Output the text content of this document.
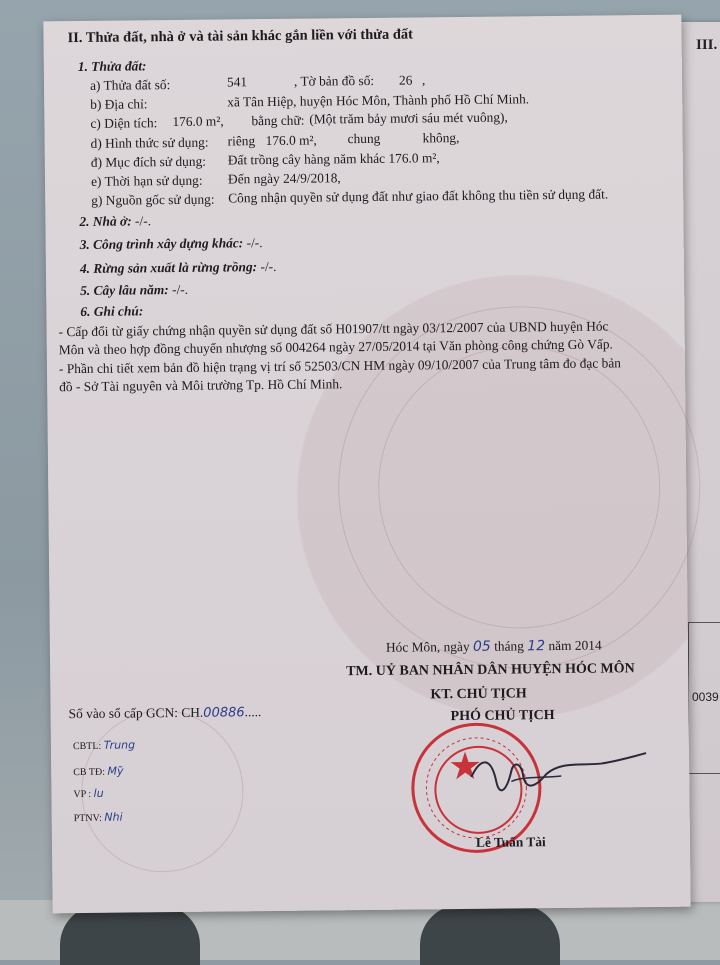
III.
0039
II. Thửa đất, nhà ở và tài sản khác gắn liền với thửa đất
1. Thửa đất:
a) Thửa đất số:	541	, Tờ bản đồ số: 26 ,
b) Địa chỉ:	xã Tân Hiệp, huyện Hóc Môn, Thành phố Hồ Chí Minh.
c) Diện tích: 176.0 m², bằng chữ: (Một trăm bảy mươi sáu mét vuông),
d) Hình thức sử dụng: riêng 176.0 m², chung	không,
đ) Mục đích sử dụng: Đất trồng cây hàng năm khác 176.0 m²,
e) Thời hạn sử dụng: Đến ngày 24/9/2018,
g) Nguồn gốc sử dụng: Công nhận quyền sử dụng đất như giao đất không thu tiền sử dụng đất.
2. Nhà ở: -/-.
3. Công trình xây dựng khác: -/-.
4. Rừng sản xuất là rừng trồng: -/-.
5. Cây lâu năm: -/-.
6. Ghi chú:
- Cấp đổi từ giấy chứng nhận quyền sử dụng đất số H01907/tt ngày 03/12/2007 của UBND huyện Hóc
Môn và theo hợp đồng chuyển nhượng số 004264 ngày 27/05/2014 tại Văn phòng công chứng Gò Vấp.
- Phần chi tiết xem bản đồ hiện trạng vị trí số 52503/CN HM ngày 09/10/2007 của Trung tâm đo đạc bản
đồ - Sở Tài nguyên và Môi trường Tp. Hồ Chí Minh.
Hóc Môn, ngày 05 tháng 12 năm 2014
TM. UỶ BAN NHÂN DÂN HUYỆN HÓC MÔN
KT. CHỦ TỊCH
PHÓ CHỦ TỊCH
★
Lê Tuấn Tài
Số vào sổ cấp GCN: CH.00886.....
CBTL: Trung
CB TĐ: Mỹ
VP : lu
PTNV: Nhi
